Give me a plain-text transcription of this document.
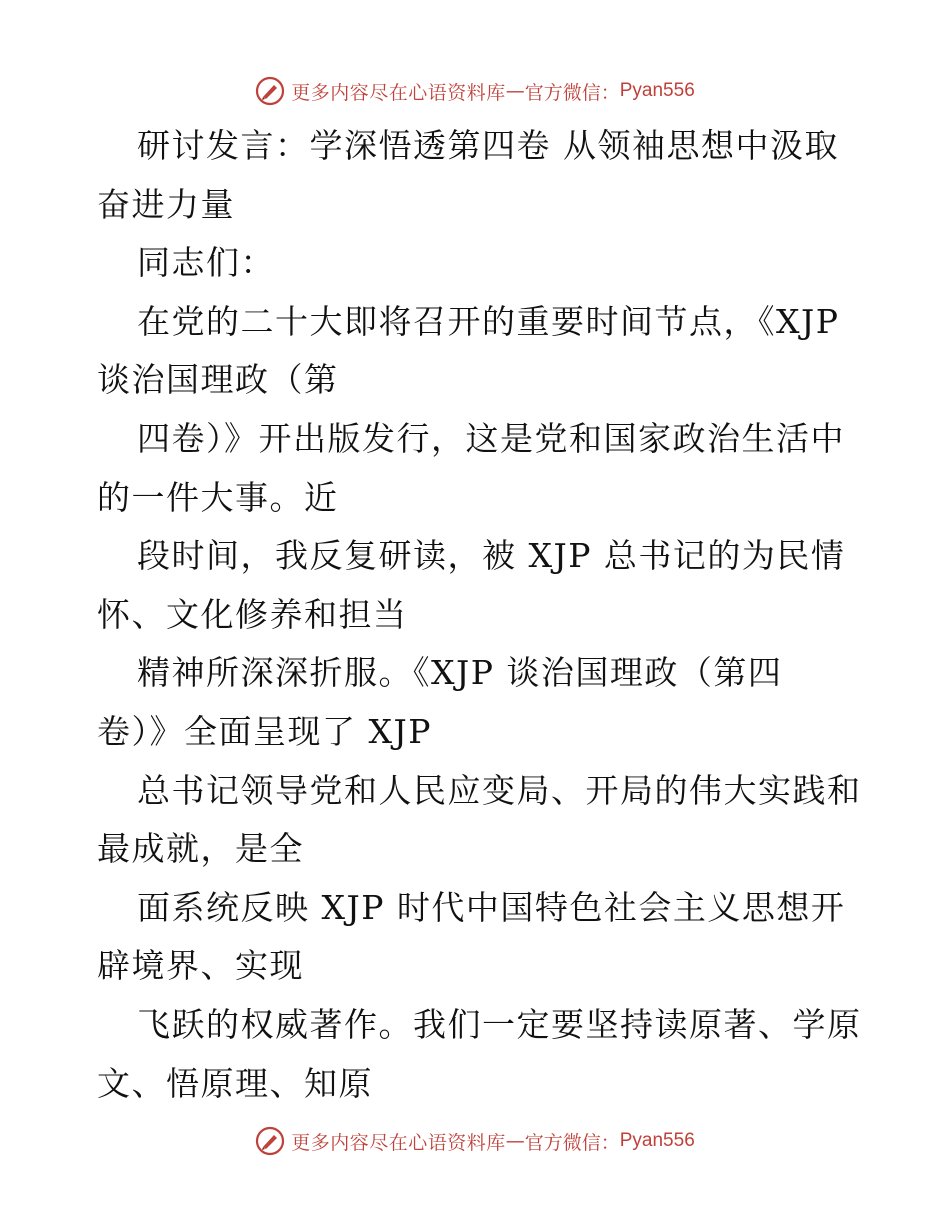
更多内容尽在心语资料库 — 官方微信： Pyan556
研讨发言：学深悟透第四卷 从领袖思想中汲取
奋进力量
同志们：
在党的二十大即将召开的重要时间节点，《XJP
谈治国理政（第
四卷）》开出版发行，这是党和国家政治生活中
的一件大事。近
段时间，我反复研读，被 XJP 总书记的为民情
怀、文化修养和担当
精神所深深折服。《XJP 谈治国理政（第四
卷）》全面呈现了 XJP
总书记领导党和人民应变局、开局的伟大实践和
最成就，是全
面系统反映 XJP 时代中国特色社会主义思想开
辟境界、实现
飞跃的权威著作。我们一定要坚持读原著、学原
文、悟原理、知原
更多内容尽在心语资料库 — 官方微信： Pyan556
